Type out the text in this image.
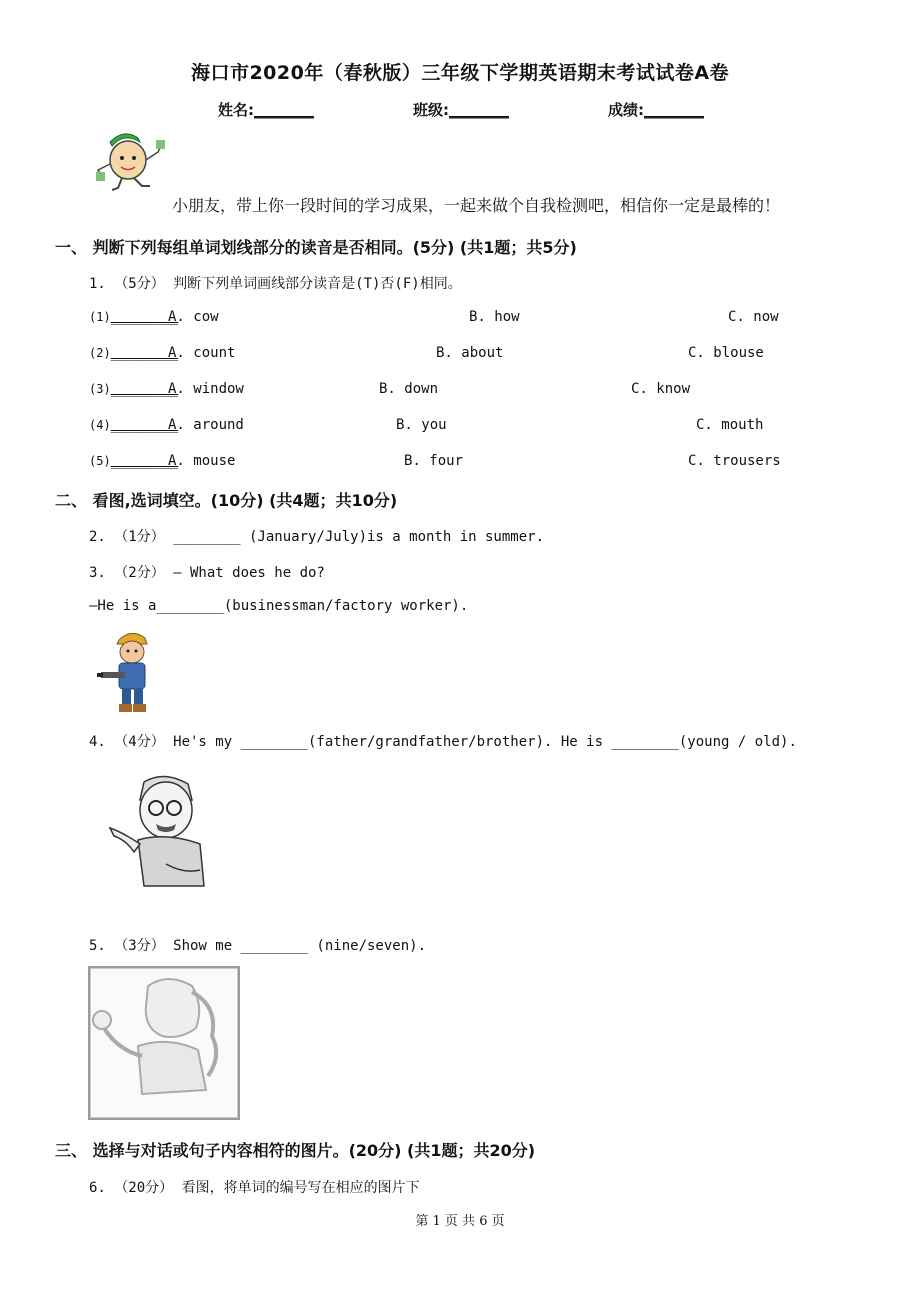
海口市2020年（春秋版）三年级下学期英语期末考试试卷A卷
姓名:________	班级:________	成绩:________
小朋友，带上你一段时间的学习成果，一起来做个自我检测吧，相信你一定是最棒的！
一、 判断下列每组单词划线部分的读音是否相同。(5分) (共1题；共5分)
1. （5分） 判断下列单词画线部分读音是(T)否(F)相同。
(1)________
A. cow	B. how	C. now
(2)________
A. count	B. about	C. blouse
(3)________
A. window	B. down	C. know
(4)________
A. around	B. you	C. mouth
(5)________
A. mouse	B. four	C. trousers
二、 看图,选词填空。(10分) (共4题；共10分)
2. （1分） ________ (January/July)is a month in summer.
3. （2分） — What does he do?
—He is a________(businessman/factory worker).
4. （4分） He's my ________(father/grandfather/brother). He is ________(young / old).
5. （3分） Show me ________ (nine/seven).
三、 选择与对话或句子内容相符的图片。(20分) (共1题；共20分)
6. （20分） 看图，将单词的编号写在相应的图片下
第 1 页 共 6 页
